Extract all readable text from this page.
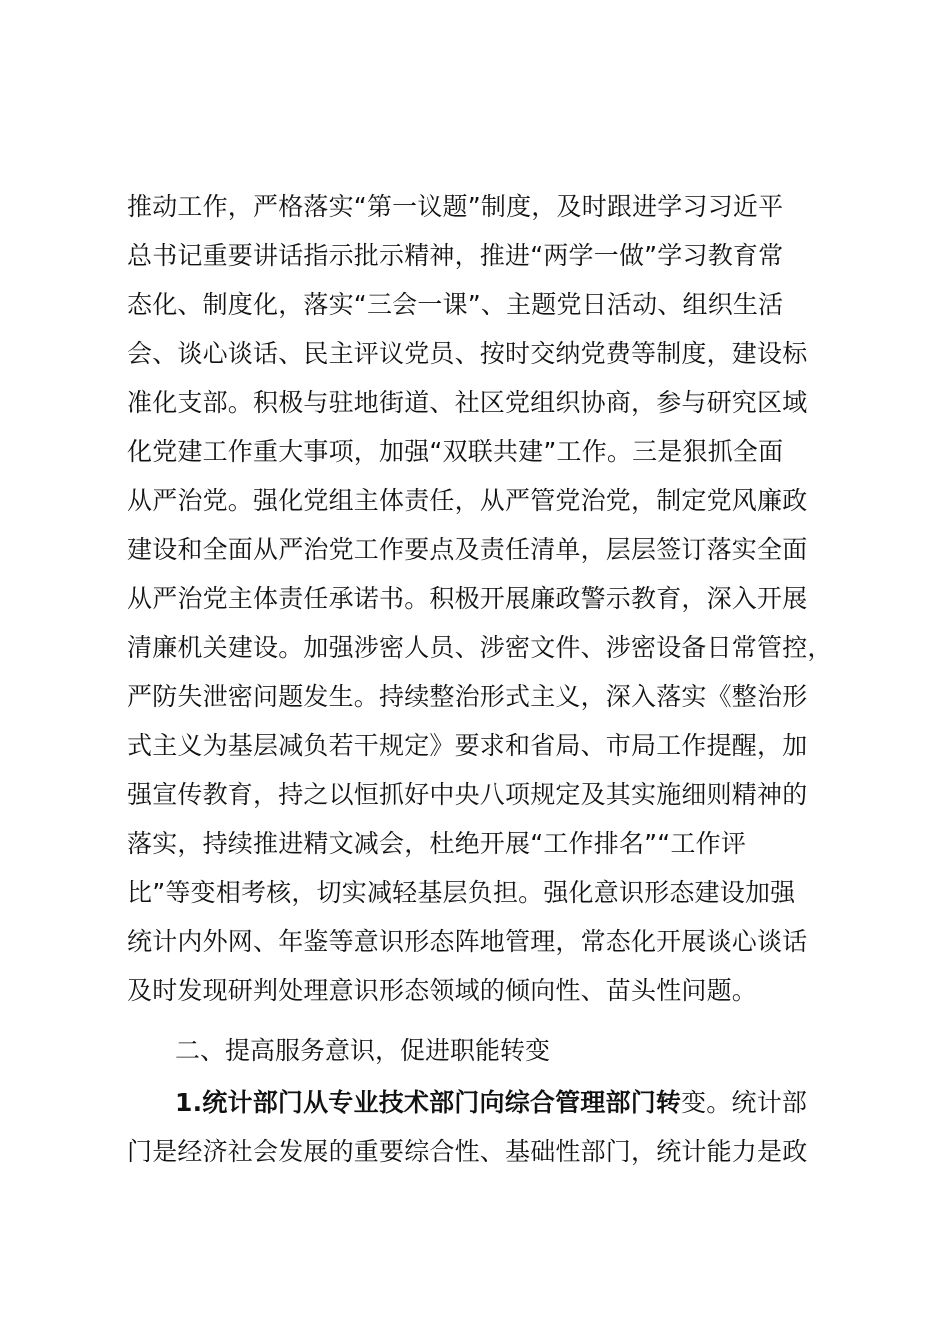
推动工作，严格落实“第一议题”制度，及时跟进学习习近平
总书记重要讲话指示批示精神，推进“两学一做”学习教育常
态化、制度化，落实“三会一课”、主题党日活动、组织生活
会、谈心谈话、民主评议党员、按时交纳党费等制度，建设标
准化支部。积极与驻地街道、社区党组织协商，参与研究区域
化党建工作重大事项，加强“双联共建”工作。三是狠抓全面
从严治党。强化党组主体责任，从严管党治党，制定党风廉政
建设和全面从严治党工作要点及责任清单，层层签订落实全面
从严治党主体责任承诺书。积极开展廉政警示教育，深入开展
清廉机关建设。加强涉密人员、涉密文件、涉密设备日常管控，
严防失泄密问题发生。持续整治形式主义，深入落实《整治形
式主义为基层减负若干规定》要求和省局、市局工作提醒，加
强宣传教育，持之以恒抓好中央八项规定及其实施细则精神的
落实，持续推进精文减会，杜绝开展“工作排名”“工作评
比”等变相考核，切实减轻基层负担。强化意识形态建设加强
统计内外网、年鉴等意识形态阵地管理，常态化开展谈心谈话
及时发现研判处理意识形态领域的倾向性、苗头性问题。
二、提高服务意识，促进职能转变
1.统计部门从专业技术部门向综合管理部门转变。统计部
门是经济社会发展的重要综合性、基础性部门，统计能力是政
